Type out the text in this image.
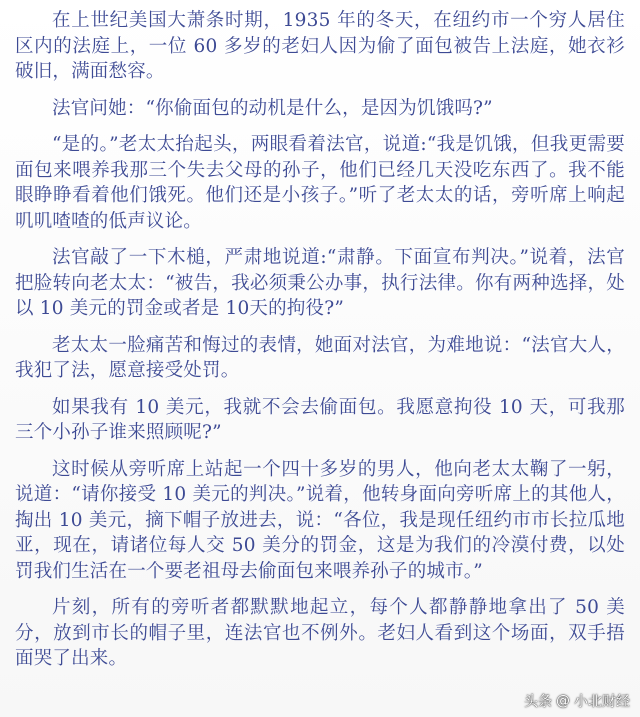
在上世纪美国大萧条时期，1935 年的冬天，在纽约市一个穷人居住区内的法庭上，一位 60 多岁的老妇人因为偷了面包被告上法庭，她衣衫破旧，满面愁容。

法官问她：“你偷面包的动机是什么，是因为饥饿吗?”

“是的。”老太太抬起头，两眼看着法官，说道:“我是饥饿，但我更需要面包来喂养我那三个失去父母的孙子，他们已经几天没吃东西了。我不能眼睁睁看着他们饿死。他们还是小孩子。”听了老太太的话，旁听席上响起叽叽喳喳的低声议论。

法官敲了一下木槌，严肃地说道:“肃静。下面宣布判决。”说着，法官把脸转向老太太：“被告，我必须秉公办事，执行法律。你有两种选择，处以 10 美元的罚金或者是 10天的拘役?”

老太太一脸痛苦和悔过的表情，她面对法官，为难地说：“法官大人，我犯了法，愿意接受处罚。

如果我有 10 美元，我就不会去偷面包。我愿意拘役 10 天，可我那三个小孙子谁来照顾呢?”

这时候从旁听席上站起一个四十多岁的男人，他向老太太鞠了一躬，说道：“请你接受 10 美元的判决。”说着，他转身面向旁听席上的其他人，掏出 10 美元，摘下帽子放进去，说：“各位，我是现任纽约市市长拉瓜地亚，现在，请诸位每人交 50 美分的罚金，这是为我们的冷漠付费，以处罚我们生活在一个要老祖母去偷面包来喂养孙子的城市。”

片刻，所有的旁听者都默默地起立，每个人都静静地拿出了 50 美分，放到市长的帽子里，连法官也不例外。老妇人看到这个场面，双手捂面哭了出来。

头条 @ 小北财经
